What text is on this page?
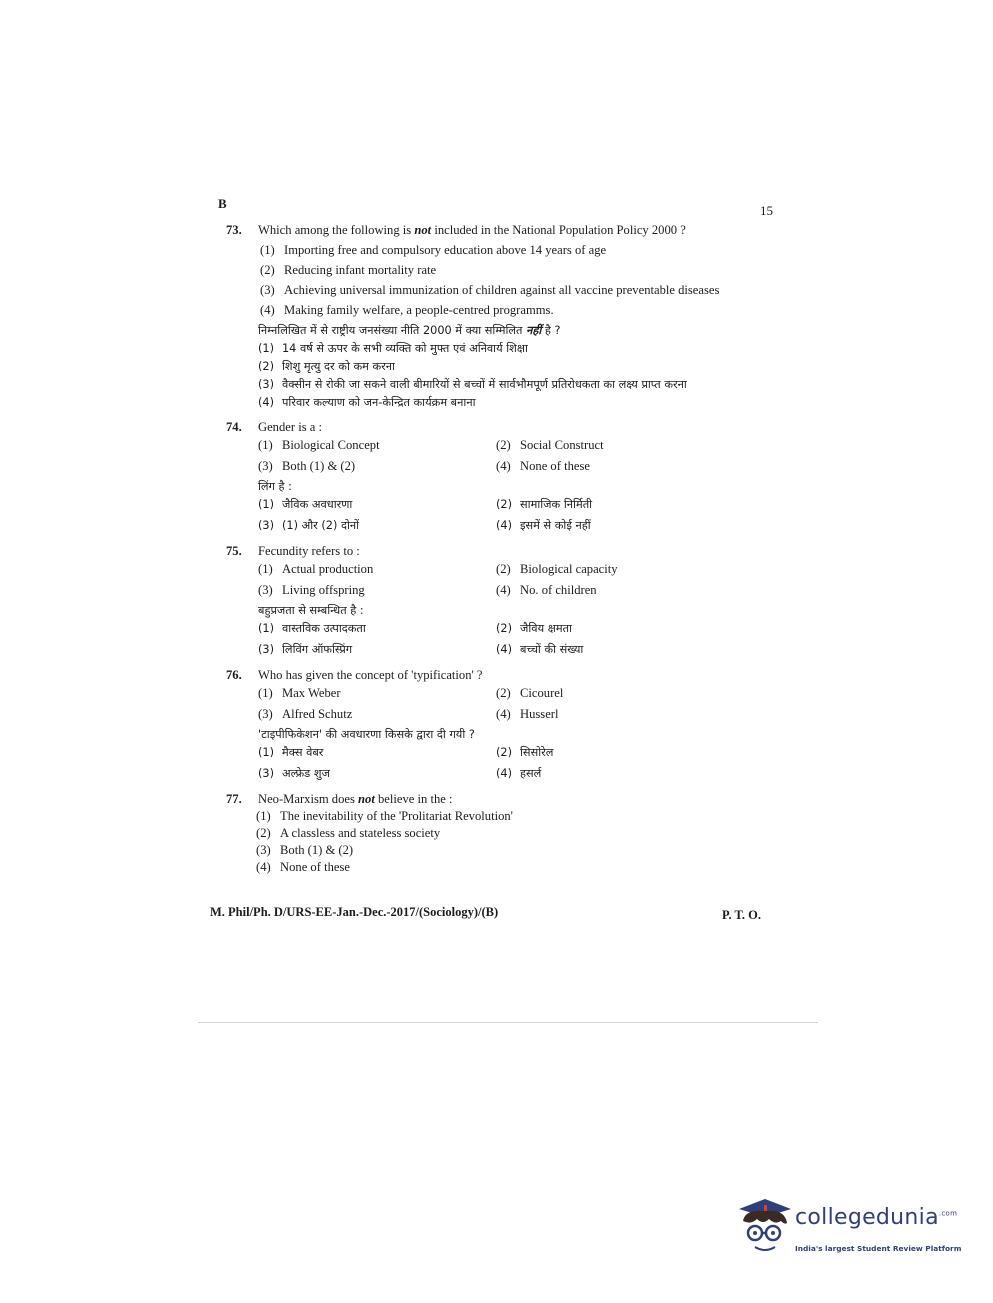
B	15
73.	Which among the following is not included in the National Population Policy 2000 ?
(1) Importing free and compulsory education above 14 years of age
(2) Reducing infant mortality rate
(3) Achieving universal immunization of children against all vaccine preventable diseases
(4) Making family welfare, a people-centred programms.
निम्नलिखित में से राष्ट्रीय जनसंख्या नीति 2000 में क्या सम्मिलित नहीं है ?
(1) 14 वर्ष से ऊपर के सभी व्यक्ति को मुफ्त एवं अनिवार्य शिक्षा
(2) शिशु मृत्यु दर को कम करना
(3) वैक्सीन से रोकी जा सकने वाली बीमारियों से बच्चों में सार्वभौमपूर्ण प्रतिरोधकता का लक्ष्य प्राप्त करना
(4) परिवार कल्याण को जन-केन्द्रित कार्यक्रम बनाना
74.	Gender is a :
(1) Biological Concept	(2) Social Construct
(3) Both (1) & (2)	(4) None of these
लिंग है :
(1) जैविक अवधारणा	(2) सामाजिक निर्मिती
(3) (1) और (2) दोनों	(4) इसमें से कोई नहीं
75.	Fecundity refers to :
(1) Actual production	(2) Biological capacity
(3) Living offspring	(4) No. of children
बहुप्रजता से सम्बन्धित है :
(1) वास्तविक उत्पादकता	(2) जैविय क्षमता
(3) लिविंग ऑफस्प्रिंग	(4) बच्चों की संख्या
76.	Who has given the concept of 'typification' ?
(1) Max Weber	(2) Cicourel
(3) Alfred Schutz	(4) Husserl
'टाइपीफिकेशन' की अवधारणा किसके द्वारा दी गयी ?
(1) मैक्स वेबर	(2) सिसोरेल
(3) अल्फ्रेड शुज	(4) हसर्ल
77.	Neo-Marxism does not believe in the :
(1) The inevitability of the 'Prolitariat Revolution'
(2) A classless and stateless society
(3) Both (1) & (2)
(4) None of these
M. Phil/Ph. D/URS-EE-Jan.-Dec.-2017/(Sociology)/(B)	P. T. O.
collegedunia$^{.com}$
India's largest Student Review Platform
